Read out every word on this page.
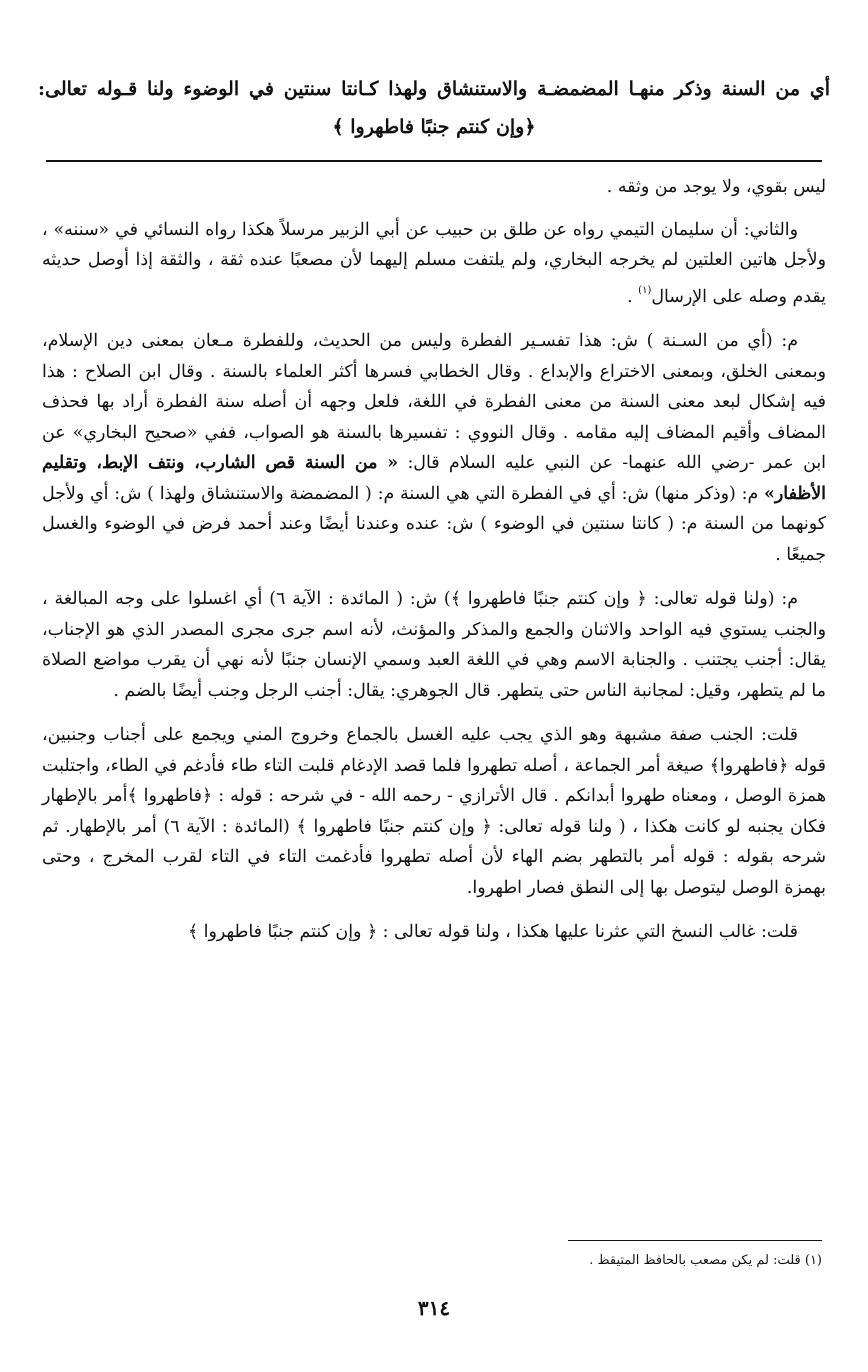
أي من السنة وذكر منهـا المضمضـة والاستنشاق ولهذا كـانتا سنتين في الوضوء ولنا قـوله تعالى:
﴿وإن كنتم جنبًا فاطهروا ﴾

ليس بقوي، ولا يوجد من وثقه .

والثاني: أن سليمان التيمي رواه عن طلق بن حبيب عن أبي الزبير مرسلاً هكذا رواه النسائي في «سننه» ، ولأجل هاتين العلتين لم يخرجه البخاري، ولم يلتفت مسلم إليهما لأن مصعبًا عنده ثقة ، والثقة إذا أوصل حديثه يقدم وصله على الإرسال$^{(١)}$ .

م: (أي من السـنة ) ش: هذا تفسـير الفطرة وليس من الحديث، وللفطرة مـعان بمعنى دين الإسلام، وبمعنى الخلق، وبمعنى الاختراع والإبداع . وقال الخطابي فسرها أكثر العلماء بالسنة . وقال ابن الصلاح : هذا فيه إشكال لبعد معنى السنة من معنى الفطرة في اللغة، فلعل وجهه أن أصله سنة الفطرة أراد بها فحذف المضاف وأقيم المضاف إليه مقامه . وقال النووي : تفسيرها بالسنة هو الصواب، ففي «صحيح البخاري» عن ابن عمر -رضي الله عنهما- عن النبي عليه السلام قال: « من السنة قص الشارب، ونتف الإبط، وتقليم الأظفار» م: (وذكر منها) ش: أي في الفطرة التي هي السنة م: ( المضمضة والاستنشاق ولهذا ) ش: أي ولأجل كونهما من السنة م: ( كانتا سنتين في الوضوء ) ش: عنده وعندنا أيضًا وعند أحمد فرض في الوضوء والغسل جميعًا .

م: (ولنا قوله تعالى: ﴿ وإن كنتم جنبًا فاطهروا ﴾) ش: ( المائدة : الآية ٦) أي اغسلوا على وجه المبالغة ، والجنب يستوي فيه الواحد والاثنان والجمع والمذكر والمؤنث، لأنه اسم جرى مجرى المصدر الذي هو الإجناب، يقال: أجنب يجتنب . والجنابة الاسم وهي في اللغة العبد وسمي الإنسان جنبًا لأنه نهي أن يقرب مواضع الصلاة ما لم يتطهر، وقيل: لمجانبة الناس حتى يتطهر. قال الجوهري: يقال: أجنب الرجل وجنب أيضًا بالضم .

قلت: الجنب صفة مشبهة وهو الذي يجب عليه الغسل بالجماع وخروج المني ويجمع على أجناب وجنبين، قوله ﴿فاطهروا﴾ صيغة أمر الجماعة ، أصله تطهروا فلما قصد الإدغام قلبت التاء طاء فأدغم في الطاء، واجتلبت همزة الوصل ، ومعناه طهروا أبدانكم . قال الأترازي - رحمه الله - في شرحه : قوله : ﴿فاطهروا ﴾أمر بالإطهار فكان يجنبه لو كانت هكذا ، ( ولنا قوله تعالى: ﴿ وإن كنتم جنبًا فاطهروا ﴾ (المائدة : الآية ٦) أمر بالإطهار. ثم شرحه بقوله : قوله أمر بالتطهر بضم الهاء لأن أصله تطهروا فأدغمت التاء في التاء لقرب المخرج ، وحتى بهمزة الوصل ليتوصل بها إلى النطق فصار اطهروا.

قلت: غالب النسخ التي عثرنا عليها هكذا ، ولنا قوله تعالى : ﴿ وإن كنتم جنبًا فاطهروا ﴾

(١) قلت: لم يكن مصعب بالحافظ المتيقظ .
٣١٤
